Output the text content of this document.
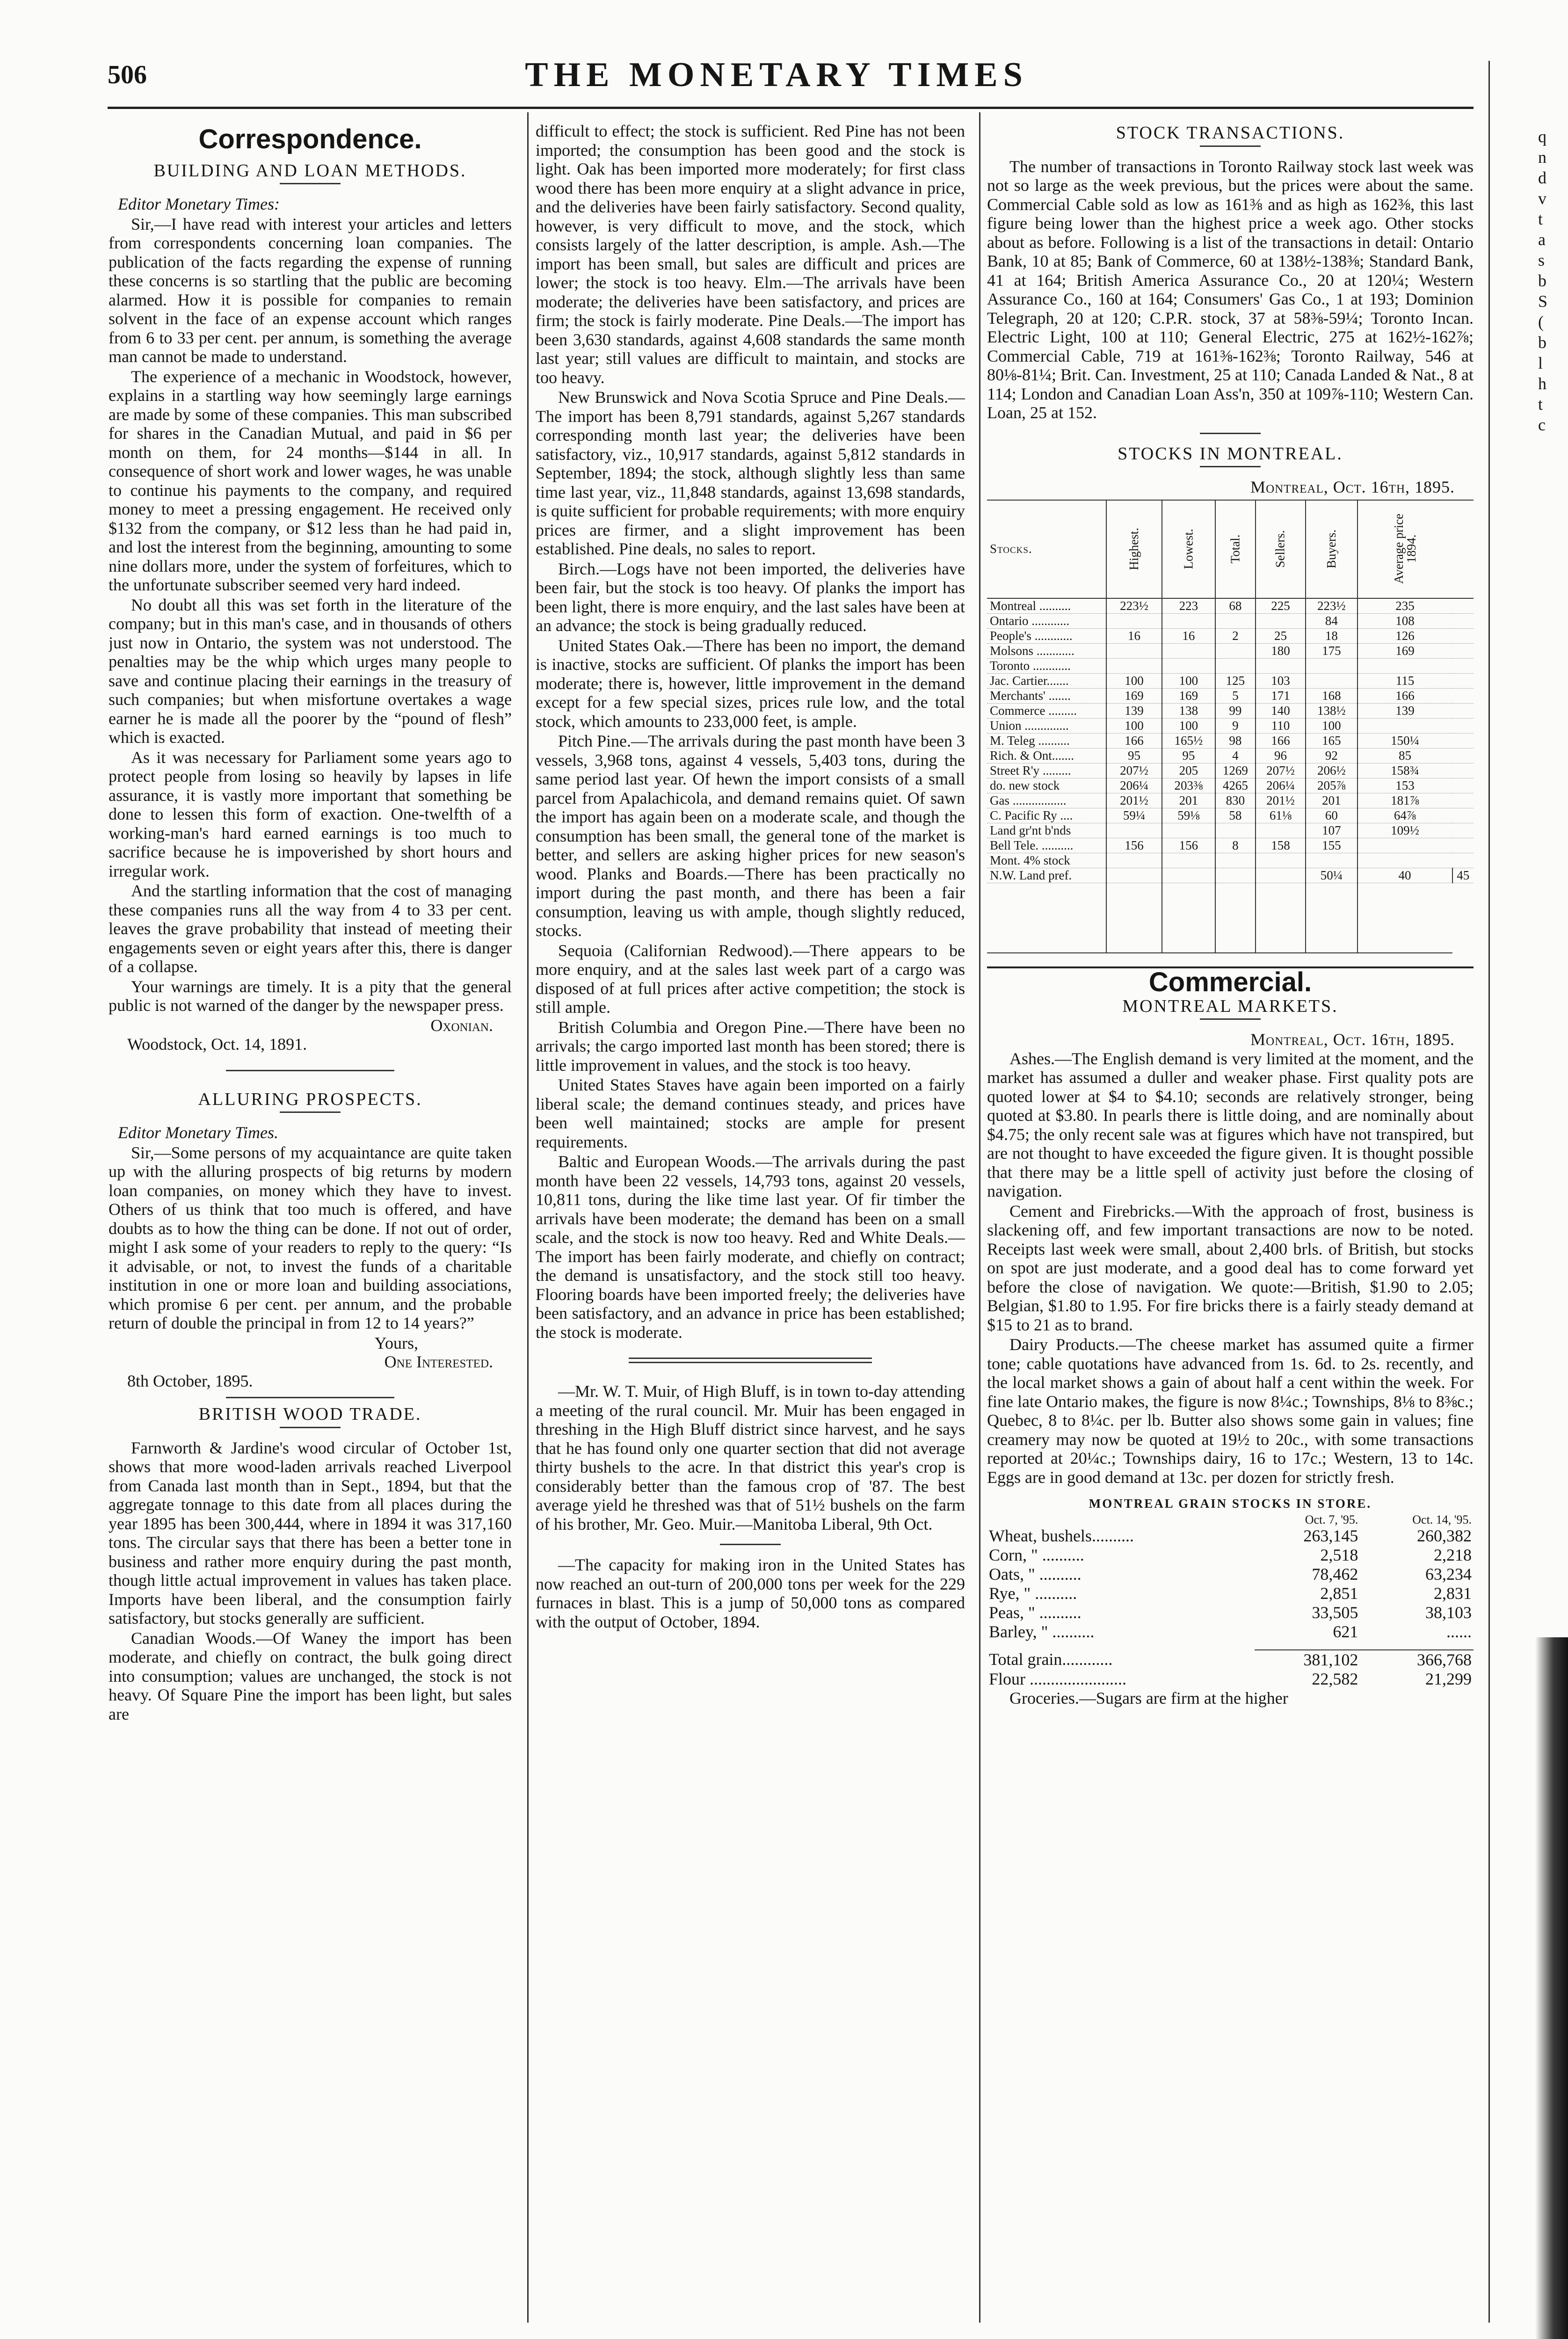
506	THE MONETARY TIMES
Correspondence.
BUILDING AND LOAN METHODS.

Editor Monetary Times:

Sir,—I have read with interest your articles and letters from correspondents concerning loan companies. The publication of the facts regarding the expense of running these concerns is so startling that the public are becoming alarmed. How it is possible for companies to remain solvent in the face of an expense account which ranges from 6 to 33 per cent. per annum, is something the average man cannot be made to understand.

The experience of a mechanic in Woodstock, however, explains in a startling way how seemingly large earnings are made by some of these companies. This man subscribed for shares in the Canadian Mutual, and paid in $6 per month on them, for 24 months—$144 in all. In consequence of short work and lower wages, he was unable to continue his payments to the company, and required money to meet a pressing engagement. He received only $132 from the company, or $12 less than he had paid in, and lost the interest from the beginning, amounting to some nine dollars more, under the system of forfeitures, which to the unfortunate subscriber seemed very hard indeed.

No doubt all this was set forth in the literature of the company; but in this man's case, and in thousands of others just now in Ontario, the system was not understood. The penalties may be the whip which urges many people to save and continue placing their earnings in the treasury of such companies; but when misfortune overtakes a wage earner he is made all the poorer by the “pound of flesh” which is exacted.

As it was necessary for Parliament some years ago to protect people from losing so heavily by lapses in life assurance, it is vastly more important that something be done to lessen this form of exaction. One-twelfth of a working-man's hard earned earnings is too much to sacrifice because he is impoverished by short hours and irregular work.

And the startling information that the cost of managing these companies runs all the way from 4 to 33 per cent. leaves the grave probability that instead of meeting their engagements seven or eight years after this, there is danger of a collapse.

Your warnings are timely. It is a pity that the general public is not warned of the danger by the newspaper press.

Oxonian.
Woodstock, Oct. 14, 1891.
ALLURING PROSPECTS.

Editor Monetary Times.

Sir,—Some persons of my acquaintance are quite taken up with the alluring prospects of big returns by modern loan companies, on money which they have to invest. Others of us think that too much is offered, and have doubts as to how the thing can be done. If not out of order, might I ask some of your readers to reply to the query: “Is it advisable, or not, to invest the funds of a charitable institution in one or more loan and building associations, which promise 6 per cent. per annum, and the probable return of double the principal in from 12 to 14 years?”

Yours,
One Interested.
8th October, 1895.
BRITISH WOOD TRADE.

Farnworth & Jardine's wood circular of October 1st, shows that more wood-laden arrivals reached Liverpool from Canada last month than in Sept., 1894, but that the aggregate tonnage to this date from all places during the year 1895 has been 300,444, where in 1894 it was 317,160 tons. The circular says that there has been a better tone in business and rather more enquiry during the past month, though little actual improvement in values has taken place. Imports have been liberal, and the consumption fairly satisfactory, but stocks generally are sufficient.

Canadian Woods.—Of Waney the import has been moderate, and chiefly on contract, the bulk going direct into consumption; values are unchanged, the stock is not heavy. Of Square Pine the import has been light, but sales are

difficult to effect; the stock is sufficient. Red Pine has not been imported; the consumption has been good and the stock is light. Oak has been imported more moderately; for first class wood there has been more enquiry at a slight advance in price, and the deliveries have been fairly satisfactory. Second quality, however, is very difficult to move, and the stock, which consists largely of the latter description, is ample. Ash.—The import has been small, but sales are difficult and prices are lower; the stock is too heavy. Elm.—The arrivals have been moderate; the deliveries have been satisfactory, and prices are firm; the stock is fairly moderate. Pine Deals.—The import has been 3,630 standards, against 4,608 standards the same month last year; still values are difficult to maintain, and stocks are too heavy.

New Brunswick and Nova Scotia Spruce and Pine Deals.—The import has been 8,791 standards, against 5,267 standards corresponding month last year; the deliveries have been satisfactory, viz., 10,917 standards, against 5,812 standards in September, 1894; the stock, although slightly less than same time last year, viz., 11,848 standards, against 13,698 standards, is quite sufficient for probable requirements; with more enquiry prices are firmer, and a slight improvement has been established. Pine deals, no sales to report.

Birch.—Logs have not been imported, the deliveries have been fair, but the stock is too heavy. Of planks the import has been light, there is more enquiry, and the last sales have been at an advance; the stock is being gradually reduced.

United States Oak.—There has been no import, the demand is inactive, stocks are sufficient. Of planks the import has been moderate; there is, however, little improvement in the demand except for a few special sizes, prices rule low, and the total stock, which amounts to 233,000 feet, is ample.

Pitch Pine.—The arrivals during the past month have been 3 vessels, 3,968 tons, against 4 vessels, 5,403 tons, during the same period last year. Of hewn the import consists of a small parcel from Apalachicola, and demand remains quiet. Of sawn the import has again been on a moderate scale, and though the consumption has been small, the general tone of the market is better, and sellers are asking higher prices for new season's wood. Planks and Boards.—There has been practically no import during the past month, and there has been a fair consumption, leaving us with ample, though slightly reduced, stocks.

Sequoia (Californian Redwood).—There appears to be more enquiry, and at the sales last week part of a cargo was disposed of at full prices after active competition; the stock is still ample.

British Columbia and Oregon Pine.—There have been no arrivals; the cargo imported last month has been stored; there is little improvement in values, and the stock is too heavy.

United States Staves have again been imported on a fairly liberal scale; the demand continues steady, and prices have been well maintained; stocks are ample for present requirements.

Baltic and European Woods.—The arrivals during the past month have been 22 vessels, 14,793 tons, against 20 vessels, 10,811 tons, during the like time last year. Of fir timber the arrivals have been moderate; the demand has been on a small scale, and the stock is now too heavy. Red and White Deals.—The import has been fairly moderate, and chiefly on contract; the demand is unsatisfactory, and the stock still too heavy. Flooring boards have been imported freely; the deliveries have been satisfactory, and an advance in price has been established; the stock is moderate.

—Mr. W. T. Muir, of High Bluff, is in town to-day attending a meeting of the rural council. Mr. Muir has been engaged in threshing in the High Bluff district since harvest, and he says that he has found only one quarter section that did not average thirty bushels to the acre. In that district this year's crop is considerably better than the famous crop of '87. The best average yield he threshed was that of 51½ bushels on the farm of his brother, Mr. Geo. Muir.—Manitoba Liberal, 9th Oct.

—The capacity for making iron in the United States has now reached an out-turn of 200,000 tons per week for the 229 furnaces in blast. This is a jump of 50,000 tons as compared with the output of October, 1894.

STOCK TRANSACTIONS.

The number of transactions in Toronto Railway stock last week was not so large as the week previous, but the prices were about the same. Commercial Cable sold as low as 161⅜ and as high as 162⅜, this last figure being lower than the highest price a week ago. Other stocks about as before. Following is a list of the transactions in detail: Ontario Bank, 10 at 85; Bank of Commerce, 60 at 138½-138⅜; Standard Bank, 41 at 164; British America Assurance Co., 20 at 120¼; Western Assurance Co., 160 at 164; Consumers' Gas Co., 1 at 193; Dominion Telegraph, 20 at 120; C.P.R. stock, 37 at 58⅜-59¼; Toronto Incan. Electric Light, 100 at 110; General Electric, 275 at 162½-162⅞; Commercial Cable, 719 at 161⅜-162⅜; Toronto Railway, 546 at 80⅛-81¼; Brit. Can. Investment, 25 at 110; Canada Landed & Nat., 8 at 114; London and Canadian Loan Ass'n, 350 at 109⅞-110; Western Can. Loan, 25 at 152.

STOCKS IN MONTREAL.
Montreal, Oct. 16th, 1895.
Stocks.	Highest.	Lowest.	Total.	Sellers.	Buyers.	Average price 1894.	
Montreal ..........	223½	223	68	225	223½	235	
Ontario ............					84	108	
People's ............	16	16	2	25	18	126	
Molsons ............				180	175	169	
Toronto ............							
Jac. Cartier.......	100	100	125	103		115	
Merchants' .......	169	169	5	171	168	166	
Commerce .........	139	138	99	140	138½	139	
Union ..............	100	100	9	110	100		
M. Teleg ..........	166	165½	98	166	165	150¼	
Rich. & Ont.......	95	95	4	96	92	85	
Street R'y .........	207½	205	1269	207½	206½	158¾	
do. new stock	206¼	203⅜	4265	206¼	205⅞	153	
Gas .................	201½	201	830	201½	201	181⅞	
C. Pacific Ry ....	59¼	59⅛	58	61⅛	60	64⅞	
Land gr'nt b'nds					107	109½	
Bell Tele. ..........	156	156	8	158	155		
Mont. 4% stock							
N.W. Land pref.					50¼	40	45

Commercial.
MONTREAL MARKETS.
Montreal, Oct. 16th, 1895.

Ashes.—The English demand is very limited at the moment, and the market has assumed a duller and weaker phase. First quality pots are quoted lower at $4 to $4.10; seconds are relatively stronger, being quoted at $3.80. In pearls there is little doing, and are nominally about $4.75; the only recent sale was at figures which have not transpired, but are not thought to have exceeded the figure given. It is thought possible that there may be a little spell of activity just before the closing of navigation.

Cement and Firebricks.—With the approach of frost, business is slackening off, and few important transactions are now to be noted. Receipts last week were small, about 2,400 brls. of British, but stocks on spot are just moderate, and a good deal has to come forward yet before the close of navigation. We quote:—British, $1.90 to 2.05; Belgian, $1.80 to 1.95. For fire bricks there is a fairly steady demand at $15 to 21 as to brand.

Dairy Products.—The cheese market has assumed quite a firmer tone; cable quotations have advanced from 1s. 6d. to 2s. recently, and the local market shows a gain of about half a cent within the week. For fine late Ontario makes, the figure is now 8¼c.; Townships, 8⅛ to 8⅜c.; Quebec, 8 to 8¼c. per lb. Butter also shows some gain in values; fine creamery may now be quoted at 19½ to 20c., with some transactions reported at 20¼c.; Townships dairy, 16 to 17c.; Western, 13 to 14c. Eggs are in good demand at 13c. per dozen for strictly fresh.

MONTREAL GRAIN STOCKS IN STORE.
	Oct. 7, '95.	Oct. 14, '95.
Wheat, bushels..........	263,145	260,382
Corn, " ..........	2,518	2,218
Oats, " ..........	78,462	63,234
Rye, " ..........	2,851	2,831
Peas, " ..........	33,505	38,103
Barley, " ..........	621	......

Total grain............	381,102	366,768
Flour .......................	22,582	21,299

Groceries.—Sugars are firm at the higher

q
n
d
v
t
a
s
b
S
(
b
l
h
t
c
